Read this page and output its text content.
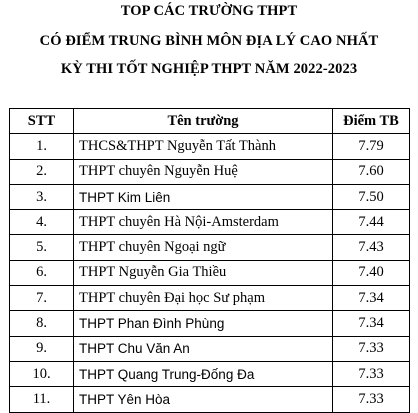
TOP CÁC TRƯỜNG THPT
CÓ ĐIỂM TRUNG BÌNH MÔN ĐỊA LÝ CAO NHẤT
KỲ THI TỐT NGHIỆP THPT NĂM 2022-2023
STT	Tên trường	Điểm TB
1.	THCS&THPT Nguyễn Tất Thành	7.79
2.	THPT chuyên Nguyễn Huệ	7.60
3.	THPT Kim Liên	7.50
4.	THPT chuyên Hà Nội-Amsterdam	7.44
5.	THPT chuyên Ngoại ngữ	7.43
6.	THPT Nguyễn Gia Thiều	7.40
7.	THPT chuyên Đại học Sư phạm	7.34
8.	THPT Phan Đình Phùng	7.34
9.	THPT Chu Văn An	7.33
10.	THPT Quang Trung-Đống Đa	7.33
11.	THPT Yên Hòa	7.33
